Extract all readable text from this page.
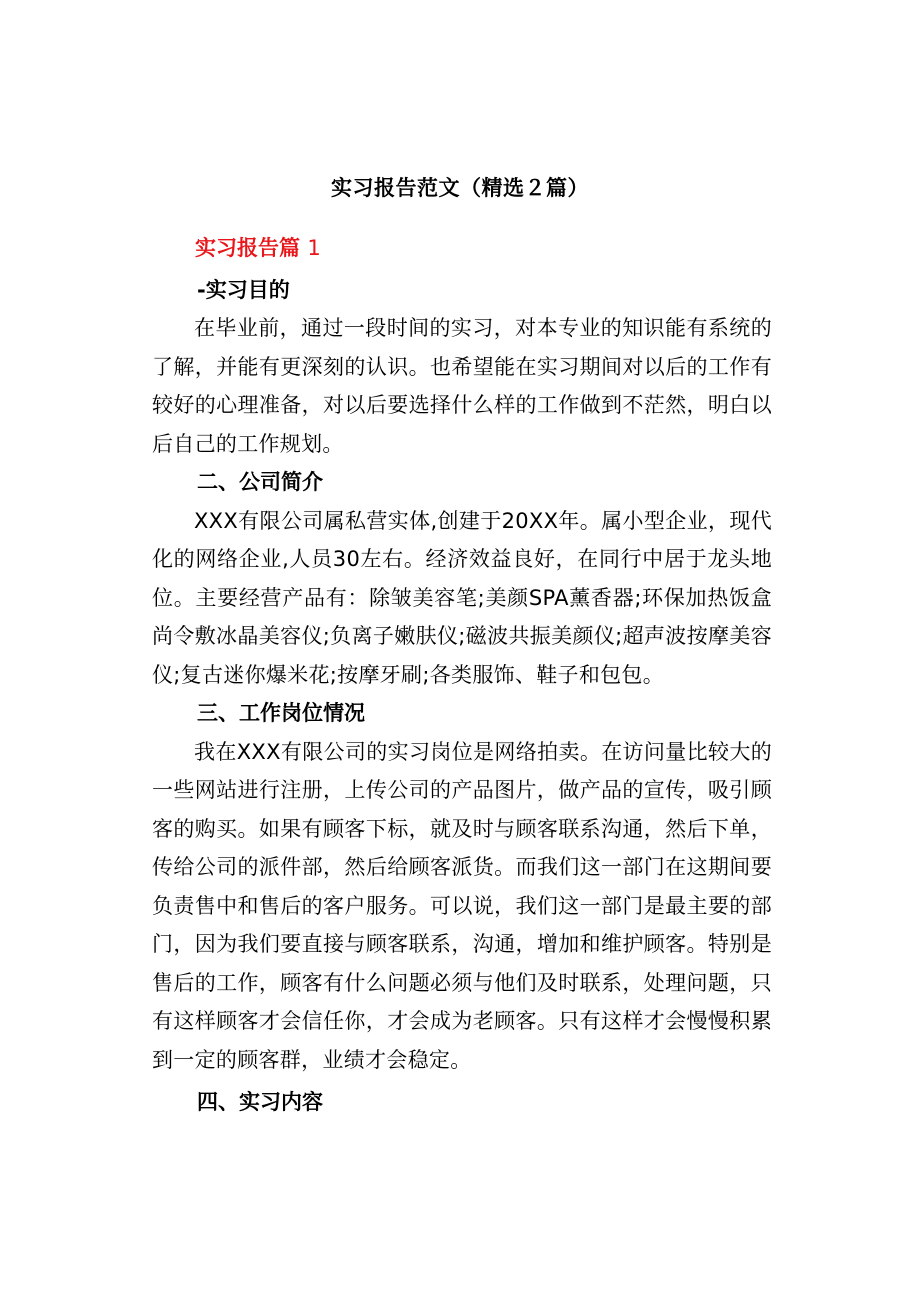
实习报告范文（精选２篇）
实习报告篇 1
-实习目的

在毕业前，通过一段时间的实习，对本专业的知识能有系统的了解，并能有更深刻的认识。也希望能在实习期间对以后的工作有较好的心理准备，对以后要选择什么样的工作做到不茫然，明白以后自己的工作规划。

二、公司简介

XXX有限公司属私营实体,创建于20XX年。属小型企业，现代化的网络企业,人员30左右。经济效益良好，在同行中居于龙头地位。主要经营产品有：除皱美容笔;美颜SPA薰香器;环保加热饭盒尚令敷冰晶美容仪;负离子嫩肤仪;磁波共振美颜仪;超声波按摩美容仪;复古迷你爆米花;按摩牙刷;各类服饰、鞋子和包包。

三、工作岗位情况

我在XXX有限公司的实习岗位是网络拍卖。在访问量比较大的一些网站进行注册，上传公司的产品图片，做产品的宣传，吸引顾客的购买。如果有顾客下标，就及时与顾客联系沟通，然后下单，传给公司的派件部，然后给顾客派货。而我们这一部门在这期间要负责售中和售后的客户服务。可以说，我们这一部门是最主要的部门，因为我们要直接与顾客联系，沟通，增加和维护顾客。特别是售后的工作，顾客有什么问题必须与他们及时联系，处理问题，只有这样顾客才会信任你，才会成为老顾客。只有这样才会慢慢积累到一定的顾客群，业绩才会稳定。

四、实习内容
